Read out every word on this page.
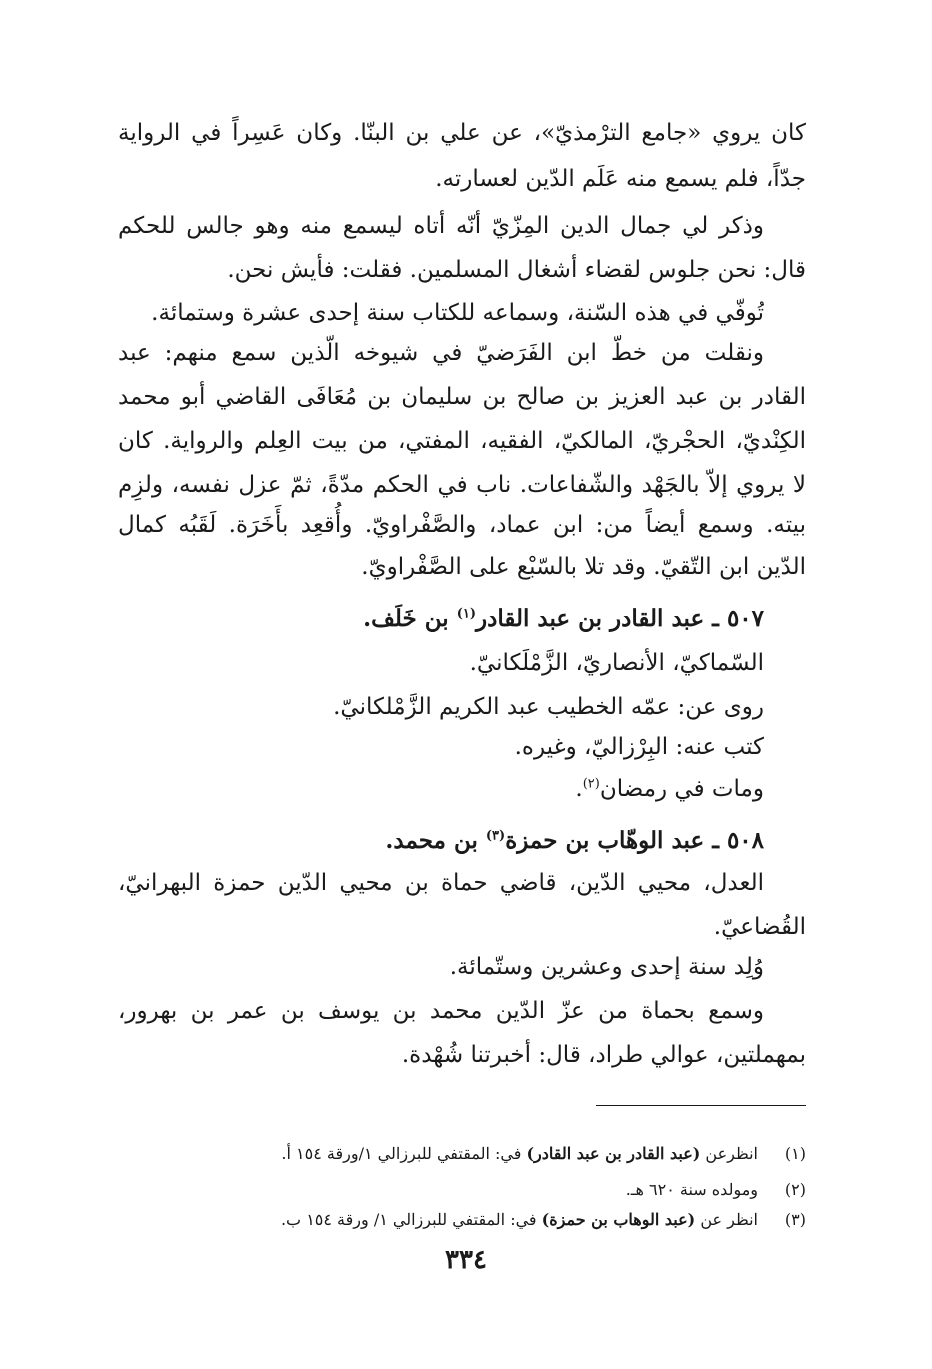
كان يروي «جامع الترْمذيّ»، عن علي بن البنّا. وكان عَسِراً في الرواية
جدّاً، فلم يسمع منه عَلَم الدّين لعسارته.
وذكر لي جمال الدين المِزّيّ أنّه أتاه ليسمع منه وهو جالس للحكم
قال: نحن جلوس لقضاء أشغال المسلمين. فقلت: فأيش نحن.
تُوفّي في هذه السّنة، وسماعه للكتاب سنة إحدى عشرة وستمائة.
ونقلت من خطّ ابن الفَرَضيّ في شيوخه الّذين سمع منهم: عبد
القادر بن عبد العزيز بن صالح بن سليمان بن مُعَافَى القاضي أبو محمد
الكِنْديّ، الحجْريّ، المالكيّ، الفقيه، المفتي، من بيت العِلم والرواية. كان
لا يروي إلاّ بالجَهْد والشّفاعات. ناب في الحكم مدّةً، ثمّ عزل نفسه، ولزِم
بيته. وسمع أيضاً من: ابن عماد، والصَّفْراويّ. وأُقعِد بأَخَرَة. لَقَبُه كمال
الدّين ابن التّقيّ. وقد تلا بالسّبْع على الصَّفْراويّ.
٥٠٧ ـ عبد القادر بن عبد القادر$^{(١)}$ بن خَلَف.
السّماكيّ، الأنصاريّ، الزَّمْلَكانيّ.
روى عن: عمّه الخطيب عبد الكريم الزَّمْلكانيّ.
كتب عنه: البِرْزاليّ، وغيره.
ومات في رمضان$^{(٢)}$.
٥٠٨ ـ عبد الوهّاب بن حمزة$^{(٣)}$ بن محمد.
العدل، محيي الدّين، قاضي حماة بن محيي الدّين حمزة البهرانيّ،
القُضاعيّ.
وُلِد سنة إحدى وعشرين وستّمائة.
وسمع بحماة من عزّ الدّين محمد بن يوسف بن عمر بن بهرور،
بمهملتين، عوالي طراد، قال: أخبرتنا شُهْدة.
(١)انظرعن (عبد القادر بن عبد القادر) في: المقتفي للبرزالي ١/ورقة ١٥٤ أ.
(٢)ومولده سنة ٦٢٠ هـ.
(٣)انظر عن (عبد الوهاب بن حمزة) في: المقتفي للبرزالي ١/ ورقة ١٥٤ ب.
٣٣٤
